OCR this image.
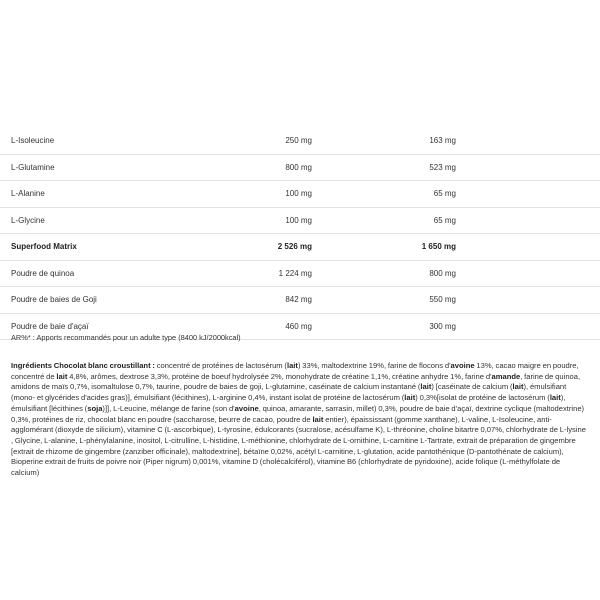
L-Isoleucine	250 mg	163 mg
L-Glutamine	800 mg	523 mg
L-Alanine	100 mg	65 mg
L-Glycine	100 mg	65 mg
Superfood Matrix	2 526 mg	1 650 mg
Poudre de quinoa	1 224 mg	800 mg
Poudre de baies de Goji	842 mg	550 mg
Poudre de baie d'açaï	460 mg	300 mg
AR%* : Apports recommandés pour un adulte type (8400 kJ/2000kcal)
Ingrédients Chocolat blanc croustillant : concentré de protéines de lactosérum (lait) 33%, maltodextrine 19%, farine de flocons d'avoine 13%, cacao maigre en poudre, concentré de lait 4,8%, arômes, dextrose 3,3%, protéine de boeuf hydrolysée 2%, monohydrate de créatine 1,1%, créatine anhydre 1%, farine d'amande, farine de quinoa, amidons de maïs 0,7%, isomaltulose 0,7%, taurine, poudre de baies de goji, L-glutamine, caséinate de calcium instantané (lait) [caséinate de calcium (lait), émulsifiant (mono- et glycérides d'acides gras)], émulsifiant (lécithines), L-arginine 0,4%, instant isolat de protéine de lactosérum (lait) 0,3%[isolat de protéine de lactosérum (lait), émulsifiant [lécithines (soja)]], L-Leucine, mélange de farine (son d'avoine, quinoa, amarante, sarrasin, millet) 0,3%, poudre de baie d'açaï, dextrine cyclique (maltodextrine) 0,3%, protéines de riz, chocolat blanc en poudre (saccharose, beurre de cacao, poudre de lait entier), épaississant (gomme xanthane), L-valine, L-Isoleucine, anti-agglomérant (dioxyde de silicium), vitamine C (L-ascorbique), L-tyrosine, édulcorants (sucralose, acésulfame K), L-thréonine, choline bitartre 0,07%, chlorhydrate de L-lysine , Glycine, L-alanine, L-phénylalanine, inositol, L-citrulline, L-histidine, L-méthionine, chlorhydrate de L-ornithine, L-carnitine L-Tartrate, extrait de préparation de gingembre [extrait de rhizome de gingembre (zanziber officinale), maltodextrine], bétaïne 0,02%, acétyl L-carnitine, L-glutation, acide pantothénique (D-pantothénate de calcium), Bioperine extrait de fruits de poivre noir (Piper nigrum) 0,001%, vitamine D (cholécalciférol), vitamine B6 (chlorhydrate de pyridoxine), acide folique (L-méthylfolate de calcium)
